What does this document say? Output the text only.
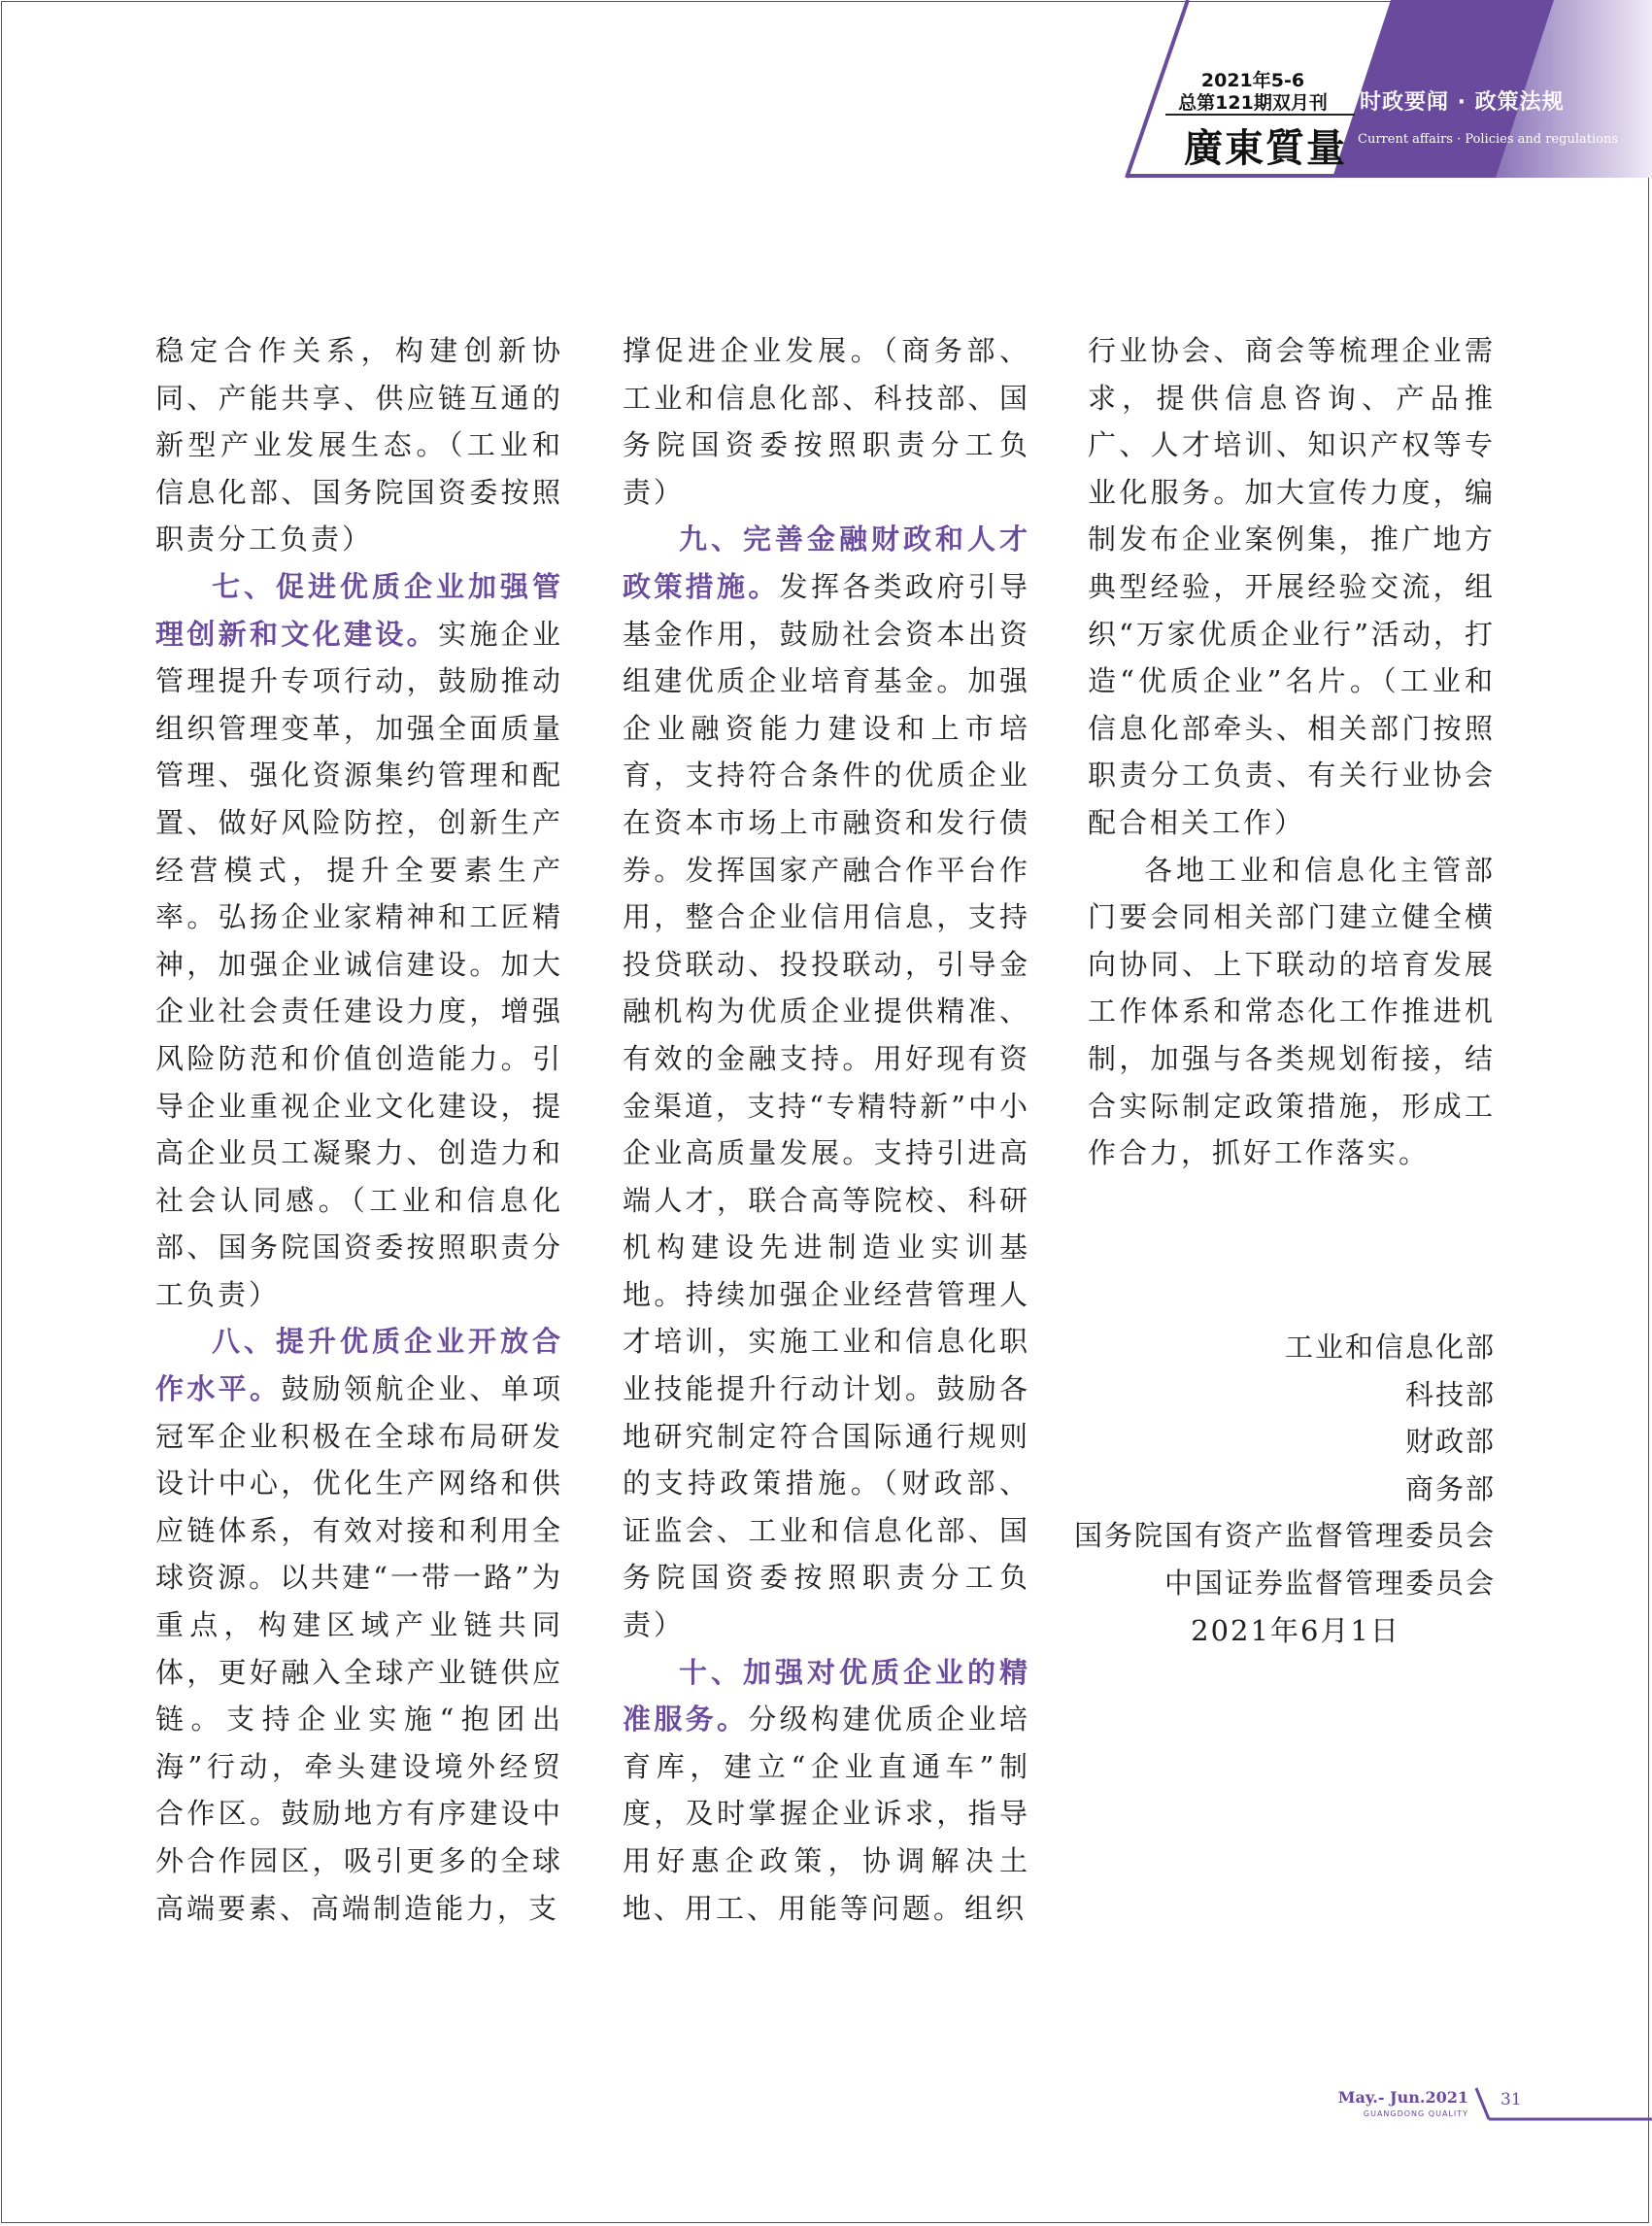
2021年5-6
总第121期双月刊
廣東質量
时政要闻 · 政策法规
Current affairs · Policies and regulations

稳定合作关系，构建创新协同、产能共享、供应链互通的新型产业发展生态。（工业和信息化部、国务院国资委按照职责分工负责）

七、促进优质企业加强管理创新和文化建设。实施企业管理提升专项行动，鼓励推动组织管理变革，加强全面质量管理、强化资源集约管理和配置、做好风险防控，创新生产经营模式，提升全要素生产率。弘扬企业家精神和工匠精神，加强企业诚信建设。加大企业社会责任建设力度，增强风险防范和价值创造能力。引导企业重视企业文化建设，提高企业员工凝聚力、创造力和社会认同感。（工业和信息化部、国务院国资委按照职责分工负责）

八、提升优质企业开放合作水平。鼓励领航企业、单项冠军企业积极在全球布局研发设计中心，优化生产网络和供应链体系，有效对接和利用全球资源。以共建“一带一路”为重点，构建区域产业链共同体，更好融入全球产业链供应链。支持企业实施“抱团出海”行动，牵头建设境外经贸合作区。鼓励地方有序建设中外合作园区，吸引更多的全球高端要素、高端制造能力，支

撑促进企业发展。（商务部、工业和信息化部、科技部、国务院国资委按照职责分工负责）

九、完善金融财政和人才政策措施。发挥各类政府引导基金作用，鼓励社会资本出资组建优质企业培育基金。加强企业融资能力建设和上市培育，支持符合条件的优质企业在资本市场上市融资和发行债券。发挥国家产融合作平台作用，整合企业信用信息，支持投贷联动、投投联动，引导金融机构为优质企业提供精准、有效的金融支持。用好现有资金渠道，支持“专精特新”中小企业高质量发展。支持引进高端人才，联合高等院校、科研机构建设先进制造业实训基地。持续加强企业经营管理人才培训，实施工业和信息化职业技能提升行动计划。鼓励各地研究制定符合国际通行规则的支持政策措施。（财政部、证监会、工业和信息化部、国务院国资委按照职责分工负责）

十、加强对优质企业的精准服务。分级构建优质企业培育库，建立“企业直通车”制度，及时掌握企业诉求，指导用好惠企政策，协调解决土地、用工、用能等问题。组织

行业协会、商会等梳理企业需求，提供信息咨询、产品推广、人才培训、知识产权等专业化服务。加大宣传力度，编制发布企业案例集，推广地方典型经验，开展经验交流，组织“万家优质企业行”活动，打造“优质企业”名片。（工业和信息化部牵头、相关部门按照职责分工负责、有关行业协会配合相关工作）

各地工业和信息化主管部门要会同相关部门建立健全横向协同、上下联动的培育发展工作体系和常态化工作推进机制，加强与各类规划衔接，结合实际制定政策措施，形成工作合力，抓好工作落实。

工业和信息化部
科技部
财政部
商务部
国务院国有资产监督管理委员会
中国证券监督管理委员会
2021年6月1日
May.- Jun.2021
GUANGDONG QUALITY
31
